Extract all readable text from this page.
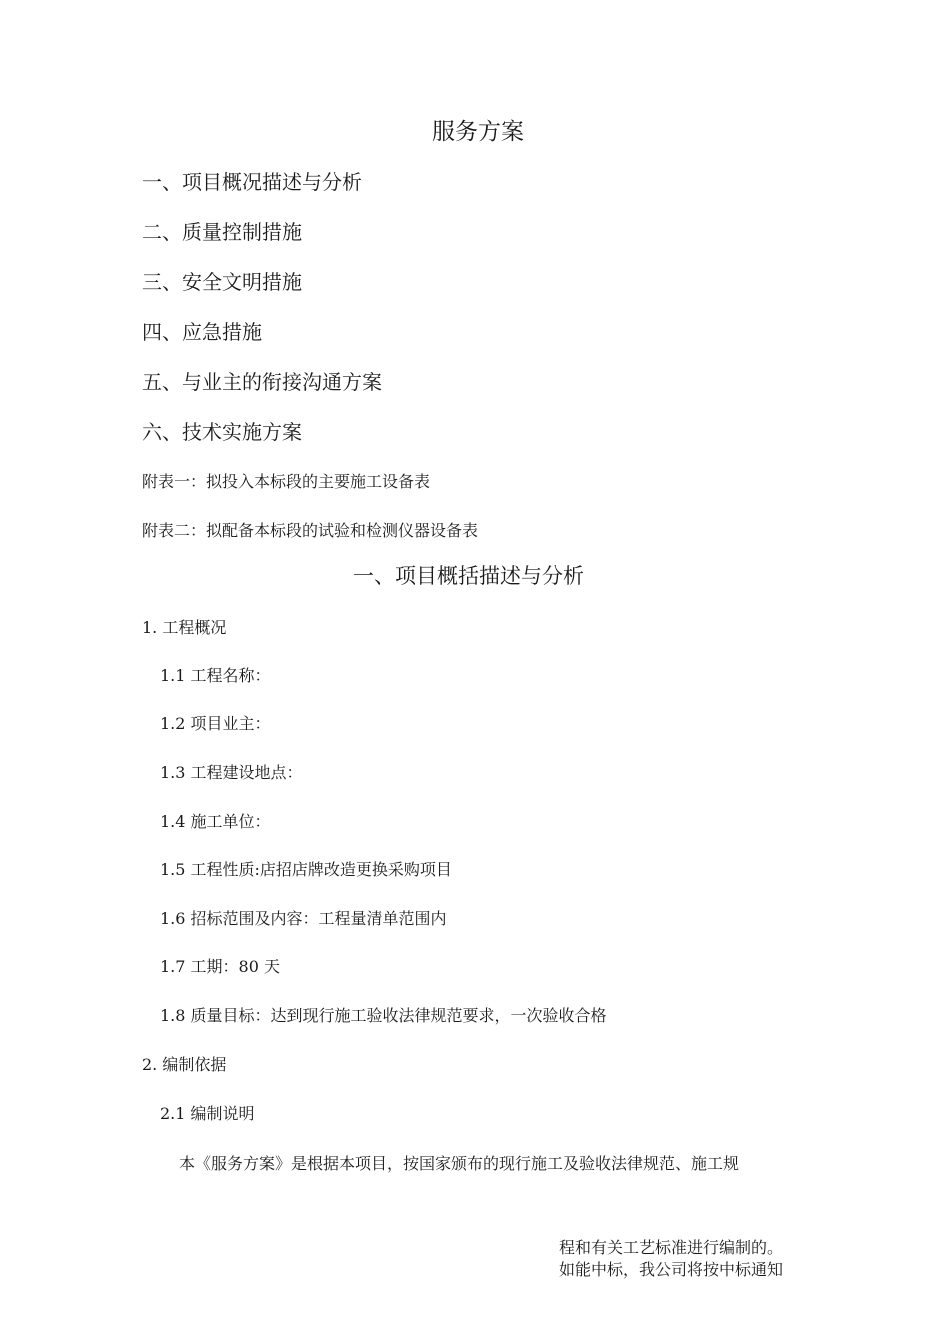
服务方案
一、项目概况描述与分析
二、质量控制措施
三、安全文明措施
四、应急措施
五、与业主的衔接沟通方案
六、技术实施方案
附表一：拟投入本标段的主要施工设备表
附表二：拟配备本标段的试验和检测仪器设备表
一、项目概括描述与分析
1. 工程概况
1.1 工程名称：
1.2 项目业主：
1.3 工程建设地点：
1.4 施工单位：
1.5 工程性质:店招店牌改造更换采购项目
1.6 招标范围及内容：工程量清单范围内
1.7 工期：80 天
1.8 质量目标：达到现行施工验收法律规范要求，一次验收合格
2. 编制依据
2.1 编制说明
本《服务方案》是根据本项目，按国家颁布的现行施工及验收法律规范、施工规
程和有关工艺标准进行编制的。
如能中标，我公司将按中标通知
